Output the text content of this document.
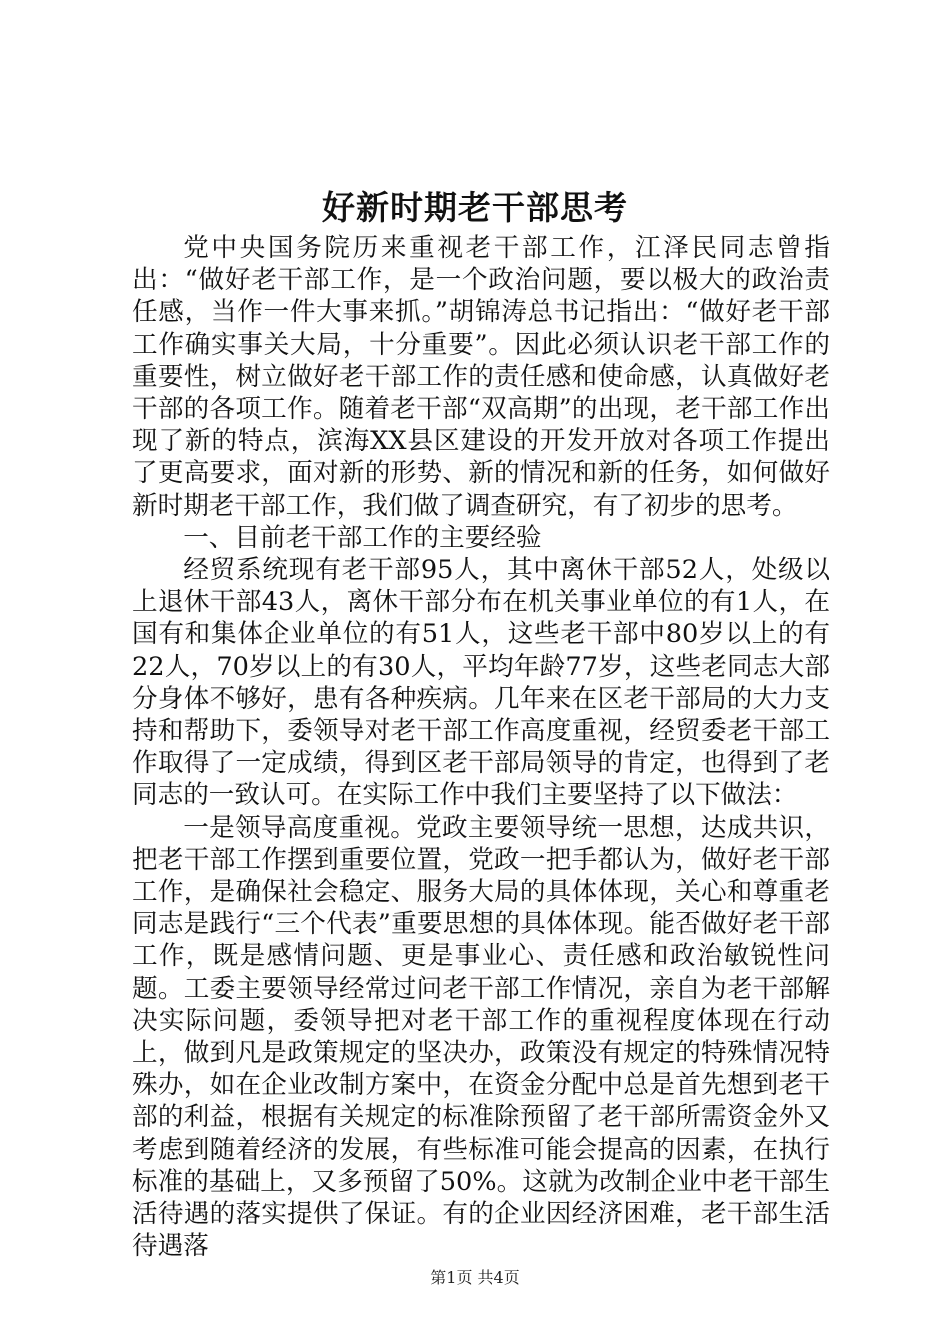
好新时期老干部思考

党中央国务院历来重视老干部工作，江泽民同志曾指出：“做好老干部工作，是一个政治问题，要以极大的政治责任感，当作一件大事来抓。”胡锦涛总书记指出：“做好老干部工作确实事关大局，十分重要”。因此必须认识老干部工作的重要性，树立做好老干部工作的责任感和使命感，认真做好老干部的各项工作。随着老干部“双高期”的出现，老干部工作出现了新的特点，滨海XX县区建设的开发开放对各项工作提出了更高要求，面对新的形势、新的情况和新的任务，如何做好新时期老干部工作，我们做了调查研究，有了初步的思考。

一、目前老干部工作的主要经验

经贸系统现有老干部95人，其中离休干部52人，处级以上退休干部43人，离休干部分布在机关事业单位的有1人，在国有和集体企业单位的有51人，这些老干部中80岁以上的有22人，70岁以上的有30人，平均年龄77岁，这些老同志大部分身体不够好，患有各种疾病。几年来在区老干部局的大力支持和帮助下，委领导对老干部工作高度重视，经贸委老干部工作取得了一定成绩，得到区老干部局领导的肯定，也得到了老同志的一致认可。在实际工作中我们主要坚持了以下做法：

一是领导高度重视。党政主要领导统一思想，达成共识，把老干部工作摆到重要位置，党政一把手都认为，做好老干部工作，是确保社会稳定、服务大局的具体体现，关心和尊重老同志是践行“三个代表”重要思想的具体体现。能否做好老干部工作，既是感情问题、更是事业心、责任感和政治敏锐性问题。工委主要领导经常过问老干部工作情况，亲自为老干部解决实际问题，委领导把对老干部工作的重视程度体现在行动上，做到凡是政策规定的坚决办，政策没有规定的特殊情况特殊办，如在企业改制方案中，在资金分配中总是首先想到老干部的利益，根据有关规定的标准除预留了老干部所需资金外又考虑到随着经济的发展，有些标准可能会提高的因素，在执行标准的基础上，又多预留了50%。这就为改制企业中老干部生活待遇的落实提供了保证。有的企业因经济困难，老干部生活待遇落

第1页 共4页
